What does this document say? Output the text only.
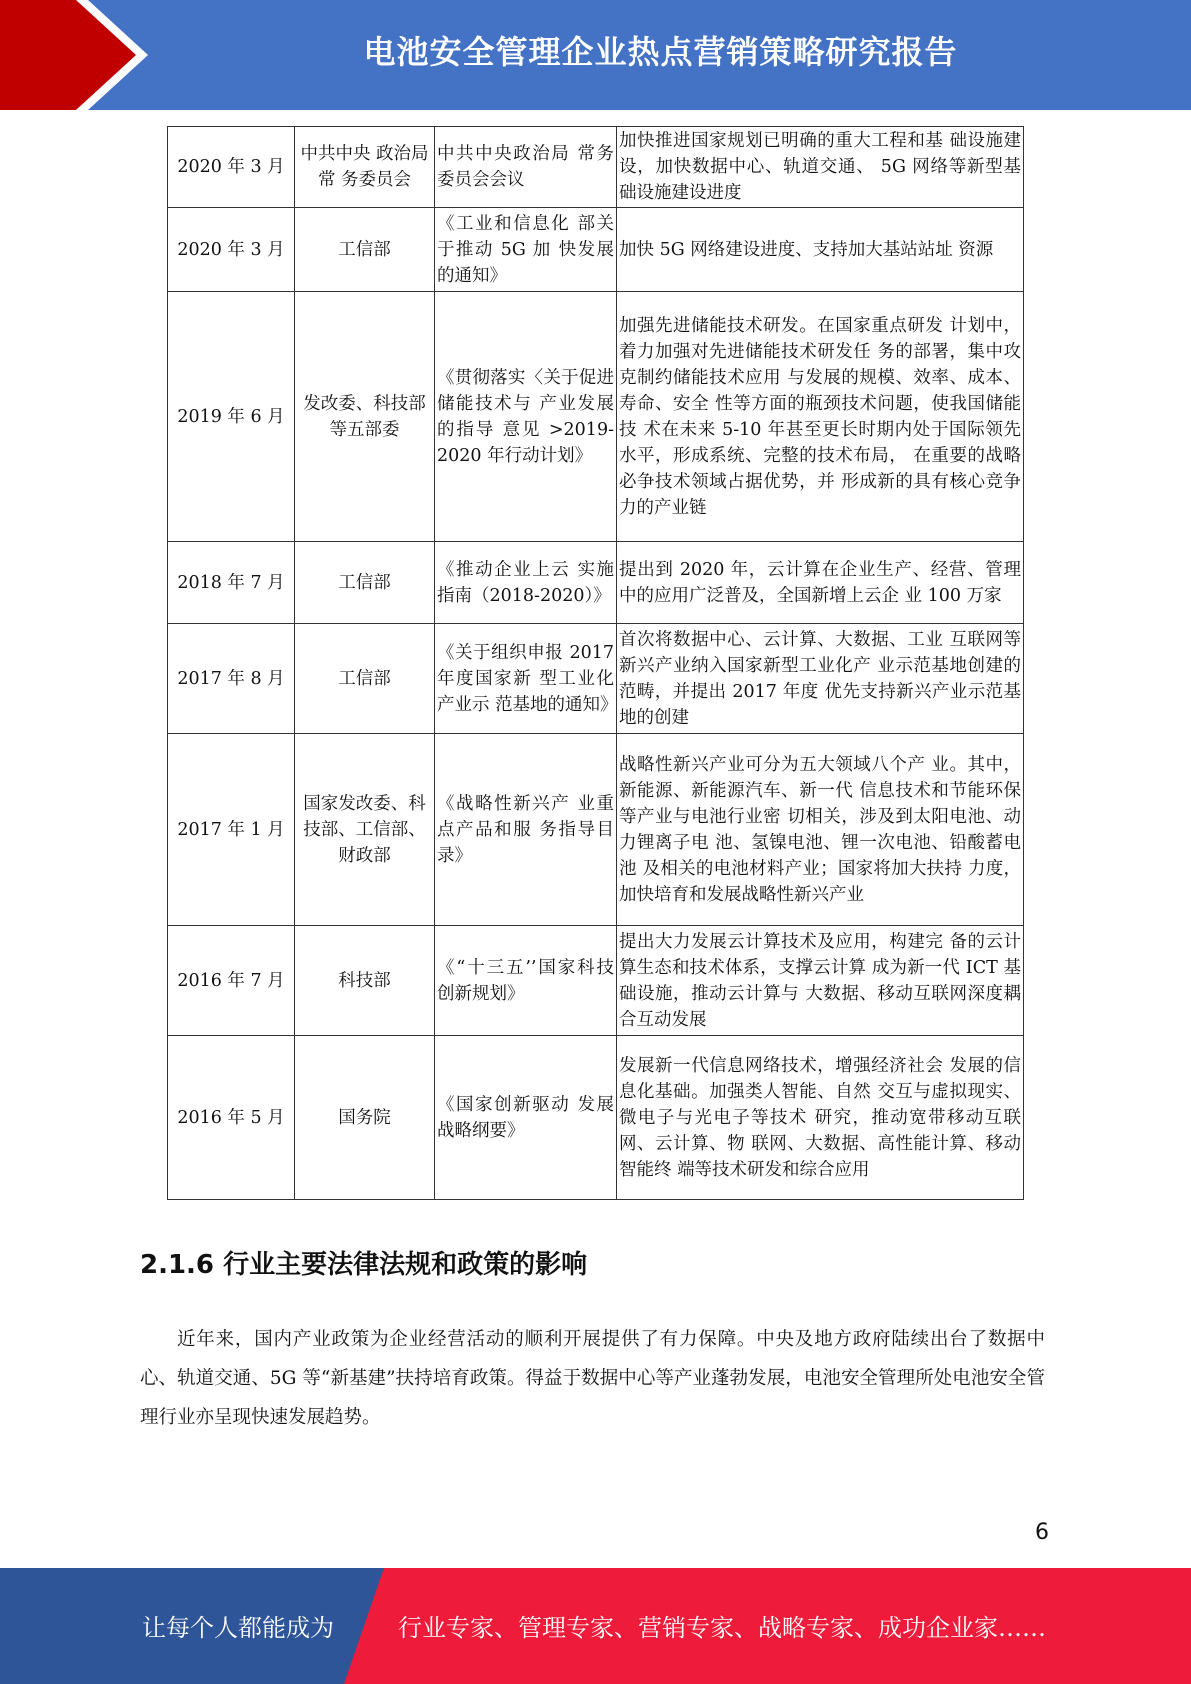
电池安全管理企业热点营销策略研究报告
2020 年 3 月	中共中央 政治局常 务委员会	中共中央政治局 常务委员会会议	加快推进国家规划已明确的重大工程和基 础设施建设，加快数据中心、轨道交通、 5G 网络等新型基础设施建设进度
2020 年 3 月	工信部	《工业和信息化 部关于推动 5G 加 快发展的通知》	加快 5G 网络建设进度、支持加大基站站址 资源
2019 年 6 月	发改委、科技部等五部委	《贯彻落实〈关于促进储能技术与 产业发展的指导 意见 >2019-2020 年行动计划》	加强先进储能技术研发。在国家重点研发 计划中，着力加强对先进储能技术研发任 务的部署，集中攻克制约储能技术应用 与发展的规模、效率、成本、寿命、安全 性等方面的瓶颈技术问题，使我国储能技 术在未来 5-10 年甚至更长时期内处于国际领先水平，形成系统、完整的技术布局， 在重要的战略必争技术领域占据优势，并 形成新的具有核心竞争力的产业链
2018 年 7 月	工信部	《推动企业上云 实施指南（2018-2020）》	提出到 2020 年，云计算在企业生产、经营、管理中的应用广泛普及，全国新增上云企 业 100 万家
2017 年 8 月	工信部	《关于组织申报 2017 年度国家新 型工业化产业示 范基地的通知》	首次将数据中心、云计算、大数据、工业 互联网等新兴产业纳入国家新型工业化产 业示范基地创建的范畴，并提出 2017 年度 优先支持新兴产业示范基地的创建
2017 年 1 月	国家发改委、科技部、工信部、财政部	《战略性新兴产 业重点产品和服 务指导目录》	战略性新兴产业可分为五大领域八个产 业。其中，新能源、新能源汽车、新一代 信息技术和节能环保等产业与电池行业密 切相关，涉及到太阳电池、动力锂离子电 池、氢镍电池、锂一次电池、铅酸蓄电池 及相关的电池材料产业；国家将加大扶持 力度，加快培育和发展战略性新兴产业
2016 年 7 月	科技部	《“十三五’’国家科技创新规划》	提出大力发展云计算技术及应用，构建完 备的云计算生态和技术体系，支撑云计算 成为新一代 ICT 基础设施，推动云计算与 大数据、移动互联网深度耦合互动发展
2016 年 5 月	国务院	《国家创新驱动 发展战略纲要》	发展新一代信息网络技术，增强经济社会 发展的信息化基础。加强类人智能、自然 交互与虚拟现实、微电子与光电子等技术 研究，推动宽带移动互联网、云计算、物 联网、大数据、高性能计算、移动智能终 端等技术研发和综合应用
2.1.6 行业主要法律法规和政策的影响

近年来，国内产业政策为企业经营活动的顺利开展提供了有力保障。中央及地方政府陆续出台了数据中心、轨道交通、5G 等“新基建”扶持培育政策。得益于数据中心等产业蓬勃发展，电池安全管理所处电池安全管理行业亦呈现快速发展趋势。

6
让每个人都能成为	行业专家、管理专家、营销专家、战略专家、成功企业家……
